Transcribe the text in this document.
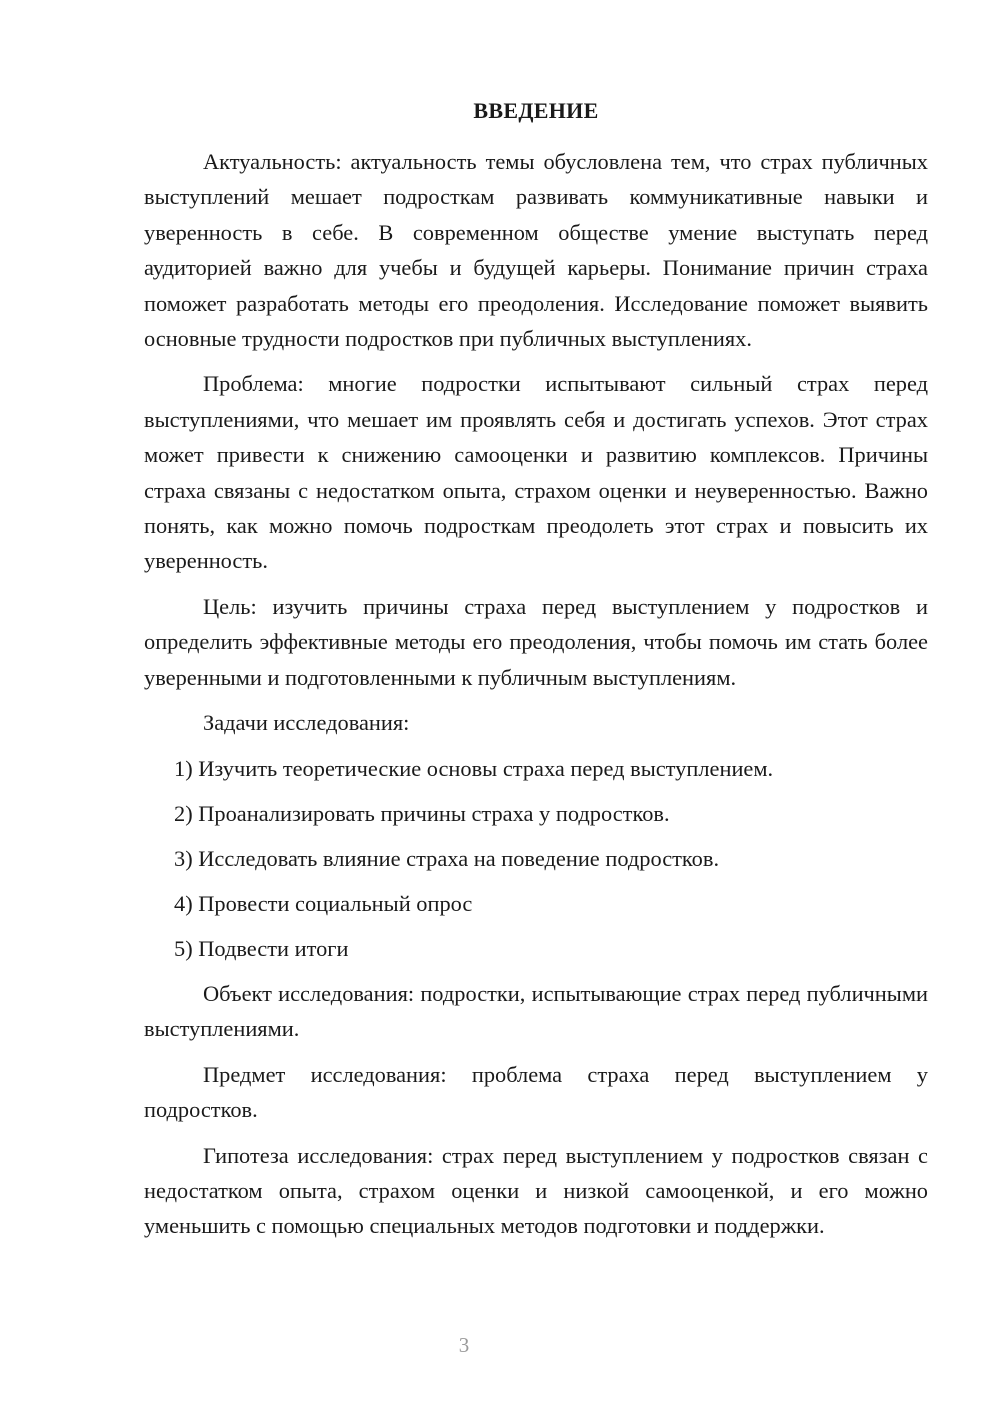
ВВЕДЕНИЕ

Актуальность: актуальность темы обусловлена тем, что страх публичных выступлений мешает подросткам развивать коммуникативные навыки и уверенность в себе. В современном обществе умение выступать перед аудиторией важно для учебы и будущей карьеры. Понимание причин страха поможет разработать методы его преодоления. Исследование поможет выявить основные трудности подростков при публичных выступлениях.

Проблема: многие подростки испытывают сильный страх перед выступлениями, что мешает им проявлять себя и достигать успехов. Этот страх может привести к снижению самооценки и развитию комплексов. Причины страха связаны с недостатком опыта, страхом оценки и неуверенностью. Важно понять, как можно помочь подросткам преодолеть этот страх и повысить их уверенность.

Цель: изучить причины страха перед выступлением у подростков и определить эффективные методы его преодоления, чтобы помочь им стать более уверенными и подготовленными к публичным выступлениям.

Задачи исследования:

1) Изучить теоретические основы страха перед выступлением.
2) Проанализировать причины страха у подростков.
3) Исследовать влияние страха на поведение подростков.
4) Провести социальный опрос
5) Подвести итоги

Объект исследования: подростки, испытывающие страх перед публичными выступлениями.

Предмет исследования: проблема страха перед выступлением у подростков.

Гипотеза исследования: страх перед выступлением у подростков связан с недостатком опыта, страхом оценки и низкой самооценкой, и его можно уменьшить с помощью специальных методов подготовки и поддержки.

3
